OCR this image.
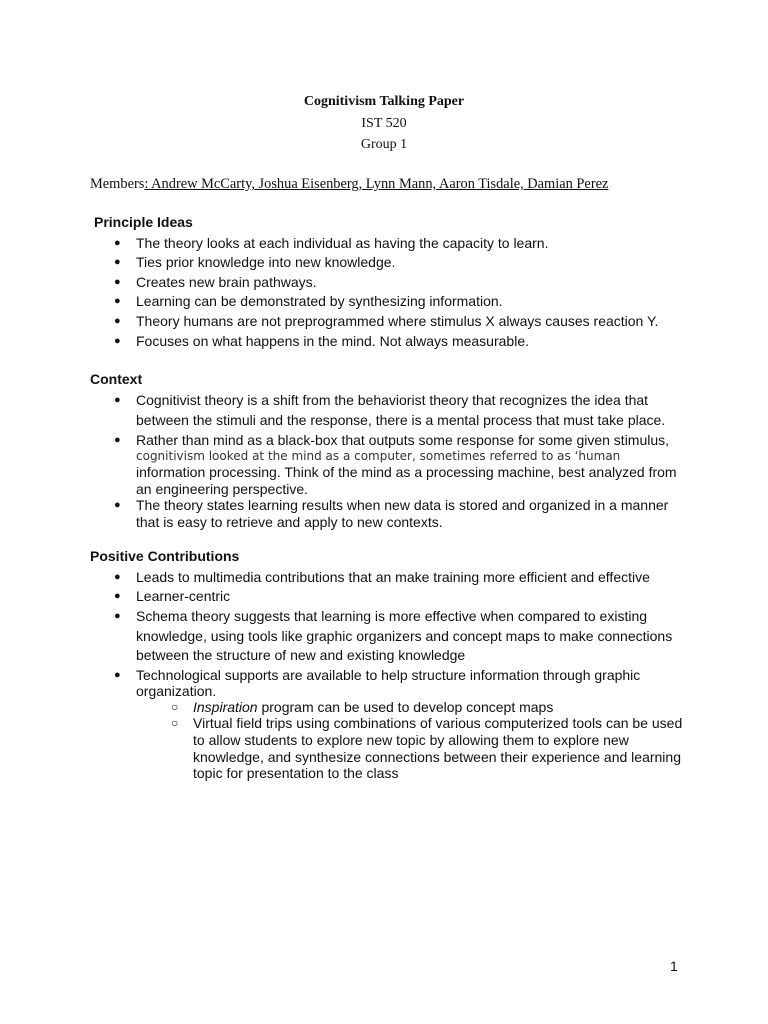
Cognitivism Talking Paper
IST 520
Group 1
Members: Andrew McCarty, Joshua Eisenberg, Lynn Mann, Aaron Tisdale, Damian Perez
Principle Ideas
● The theory looks at each individual as having the capacity to learn.
● Ties prior knowledge into new knowledge.
● Creates new brain pathways.
● Learning can be demonstrated by synthesizing information.
● Theory humans are not preprogrammed where stimulus X always causes reaction Y.
● Focuses on what happens in the mind. Not always measurable.
Context
● Cognitivist theory is a shift from the behaviorist theory that recognizes the idea that
between the stimuli and the response, there is a mental process that must take place.
● Rather than mind as a black-box that outputs some response for some given stimulus,
cognitivism looked at the mind as a computer, sometimes referred to as ‘human
information processing. Think of the mind as a processing machine, best analyzed from
an engineering perspective.
● The theory states learning results when new data is stored and organized in a manner
that is easy to retrieve and apply to new contexts.
Positive Contributions
● Leads to multimedia contributions that an make training more efficient and effective
● Learner-centric
● Schema theory suggests that learning is more effective when compared to existing
knowledge, using tools like graphic organizers and concept maps to make connections
between the structure of new and existing knowledge
● Technological supports are available to help structure information through graphic
organization.
○ Inspiration program can be used to develop concept maps
○ Virtual field trips using combinations of various computerized tools can be used
to allow students to explore new topic by allowing them to explore new
knowledge, and synthesize connections between their experience and learning
topic for presentation to the class
1
